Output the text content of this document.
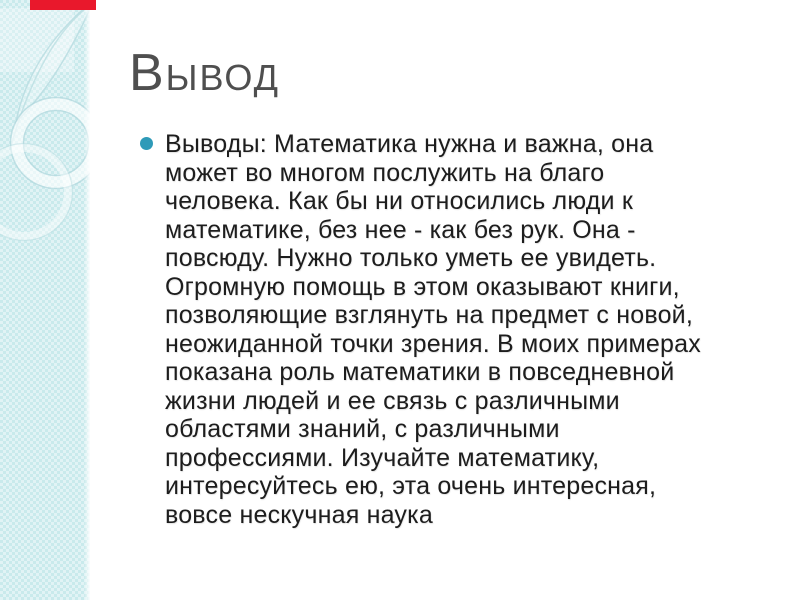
Вывод
Выводы: Математика нужна и важна, она
может во многом послужить на благо
человека. Как бы ни относились люди к
математике, без нее - как без рук. Она -
повсюду. Нужно только уметь ее увидеть.
Огромную помощь в этом оказывают книги,
позволяющие взглянуть на предмет с новой,
неожиданной точки зрения. В моих примерах
показана роль математики в повседневной
жизни людей и ее связь с различными
областями знаний, с различными
профессиями. Изучайте математику,
интересуйтесь ею, эта очень интересная,
вовсе нескучная наука
